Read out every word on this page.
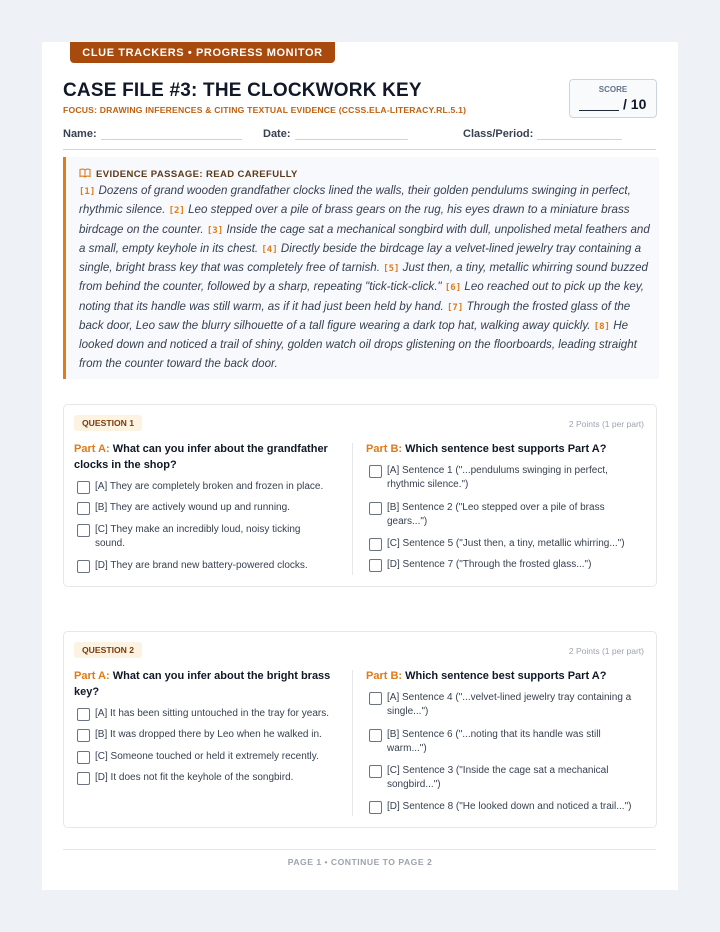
CLUE TRACKERS • PROGRESS MONITOR
CASE FILE #3: THE CLOCKWORK KEY
FOCUS: DRAWING INFERENCES & CITING TEXTUAL EVIDENCE (CCSS.ELA-LITERACY.RL.5.1)
SCORE
/ 10
Name:	Date:	Class/Period:
EVIDENCE PASSAGE: READ CAREFULLY
[1] Dozens of grand wooden grandfather clocks lined the walls, their golden pendulums swinging in perfect, rhythmic silence. [2] Leo stepped over a pile of brass gears on the rug, his eyes drawn to a miniature brass birdcage on the counter. [3] Inside the cage sat a mechanical songbird with dull, unpolished metal feathers and a small, empty keyhole in its chest. [4] Directly beside the birdcage lay a velvet-lined jewelry tray containing a single, bright brass key that was completely free of tarnish. [5] Just then, a tiny, metallic whirring sound buzzed from behind the counter, followed by a sharp, repeating "tick-tick-click." [6] Leo reached out to pick up the key, noting that its handle was still warm, as if it had just been held by hand. [7] Through the frosted glass of the back door, Leo saw the blurry silhouette of a tall figure wearing a dark top hat, walking away quickly. [8] He looked down and noticed a trail of shiny, golden watch oil drops glistening on the floorboards, leading straight from the counter toward the back door.
QUESTION 1	2 Points (1 per part)
Part A: What can you infer about the grandfather clocks in the shop?
[A] They are completely broken and frozen in place.
[B] They are actively wound up and running.
[C] They make an incredibly loud, noisy ticking sound.
[D] They are brand new battery-powered clocks.
Part B: Which sentence best supports Part A?
[A] Sentence 1 ("...pendulums swinging in perfect, rhythmic silence.")
[B] Sentence 2 ("Leo stepped over a pile of brass gears...")
[C] Sentence 5 ("Just then, a tiny, metallic whirring...")
[D] Sentence 7 ("Through the frosted glass...")
QUESTION 2	2 Points (1 per part)
Part A: What can you infer about the bright brass key?
[A] It has been sitting untouched in the tray for years.
[B] It was dropped there by Leo when he walked in.
[C] Someone touched or held it extremely recently.
[D] It does not fit the keyhole of the songbird.
Part B: Which sentence best supports Part A?
[A] Sentence 4 ("...velvet-lined jewelry tray containing a single...")
[B] Sentence 6 ("...noting that its handle was still warm...")
[C] Sentence 3 ("Inside the cage sat a mechanical songbird...")
[D] Sentence 8 ("He looked down and noticed a trail...")
PAGE 1 • CONTINUE TO PAGE 2
